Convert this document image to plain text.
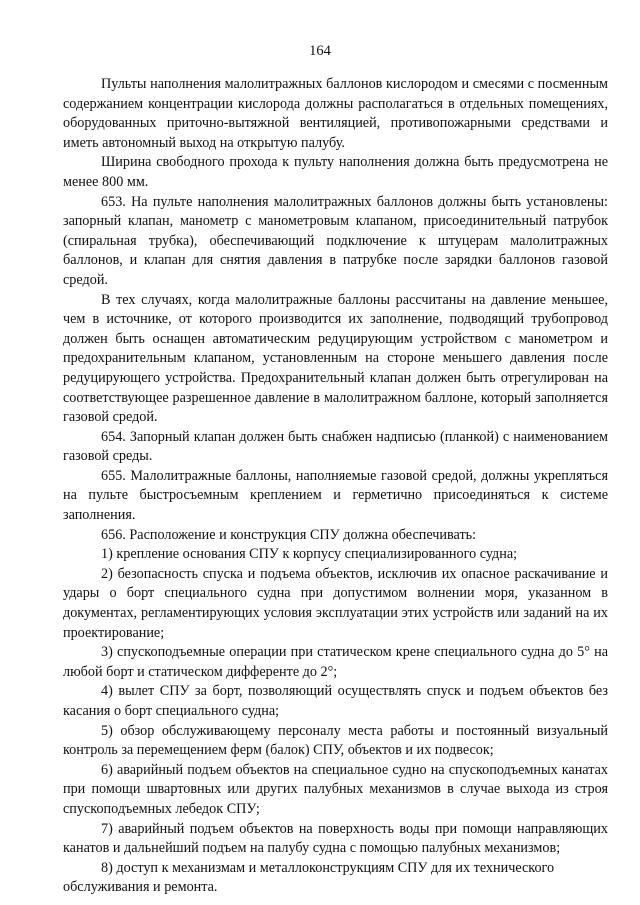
164

Пульты наполнения малолитражных баллонов кислородом и смесями с посменным содержанием концентрации кислорода должны располагаться в отдельных помещениях, оборудованных приточно-вытяжной вентиляцией, противопожарными средствами и иметь автономный выход на открытую палубу.

Ширина свободного прохода к пульту наполнения должна быть предусмотрена не менее 800 мм.

653. На пульте наполнения малолитражных баллонов должны быть установлены: запорный клапан, манометр с манометровым клапаном, присоединительный патрубок (спиральная трубка), обеспечивающий подключение к штуцерам малолитражных баллонов, и клапан для снятия давления в патрубке после зарядки баллонов газовой средой.

В тех случаях, когда малолитражные баллоны рассчитаны на давление меньшее, чем в источнике, от которого производится их заполнение, подводящий трубопровод должен быть оснащен автоматическим редуцирующим устройством с манометром и предохранительным клапаном, установленным на стороне меньшего давления после редуцирующего устройства. Предохранительный клапан должен быть отрегулирован на соответствующее разрешенное давление в малолитражном баллоне, который заполняется газовой средой.

654. Запорный клапан должен быть снабжен надписью (планкой) с наименованием газовой среды.

655. Малолитражные баллоны, наполняемые газовой средой, должны укрепляться на пульте быстросъемным креплением и герметично присоединяться к системе заполнения.

656. Расположение и конструкция СПУ должна обеспечивать:

1) крепление основания СПУ к корпусу специализированного судна;

2) безопасность спуска и подъема объектов, исключив их опасное раскачивание и удары о борт специального судна при допустимом волнении моря, указанном в документах, регламентирующих условия эксплуатации этих устройств или заданий на их проектирование;

3) спускоподъемные операции при статическом крене специального судна до 5° на любой борт и статическом дифференте до 2°;

4) вылет СПУ за борт, позволяющий осуществлять спуск и подъем объектов без касания о борт специального судна;

5) обзор обслуживающему персоналу места работы и постоянный визуальный контроль за перемещением ферм (балок) СПУ, объектов и их подвесок;

6) аварийный подъем объектов на специальное судно на спускоподъемных канатах при помощи швартовных или других палубных механизмов в случае выхода из строя спускоподъемных лебедок СПУ;

7) аварийный подъем объектов на поверхность воды при помощи направляющих канатов и дальнейший подъем на палубу судна с помощью палубных механизмов;

8) доступ к механизмам и металлоконструкциям СПУ для их технического обслуживания и ремонта.
